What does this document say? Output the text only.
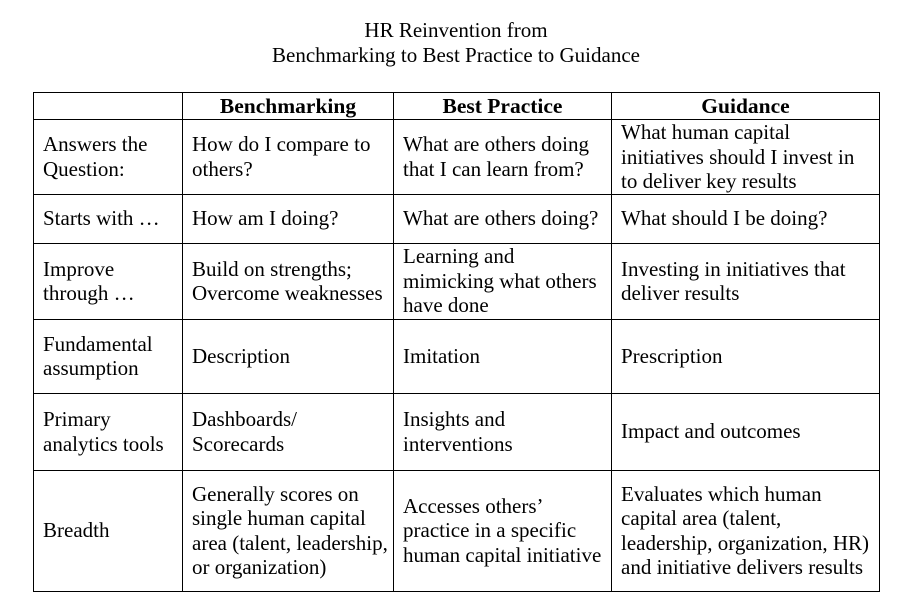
HR Reinvention from
Benchmarking to Best Practice to Guidance
	Benchmarking	Best Practice	Guidance
Answers the Question:	How do I compare to others?	What are others doing that I can learn from?	What human capital initiatives should I invest in to deliver key results
Starts with …	How am I doing?	What are others doing?	What should I be doing?
Improve through …	Build on strengths; Overcome weaknesses	Learning and mimicking what others have done	Investing in initiatives that deliver results
Fundamental assumption	Description	Imitation	Prescription
Primary analytics tools	Dashboards/ Scorecards	Insights and interventions	Impact and outcomes
Breadth	Generally scores on single human capital area (talent, leadership, or organization)	Accesses others’ practice in a specific human capital initiative	Evaluates which human capital area (talent, leadership, organization, HR) and initiative delivers results
